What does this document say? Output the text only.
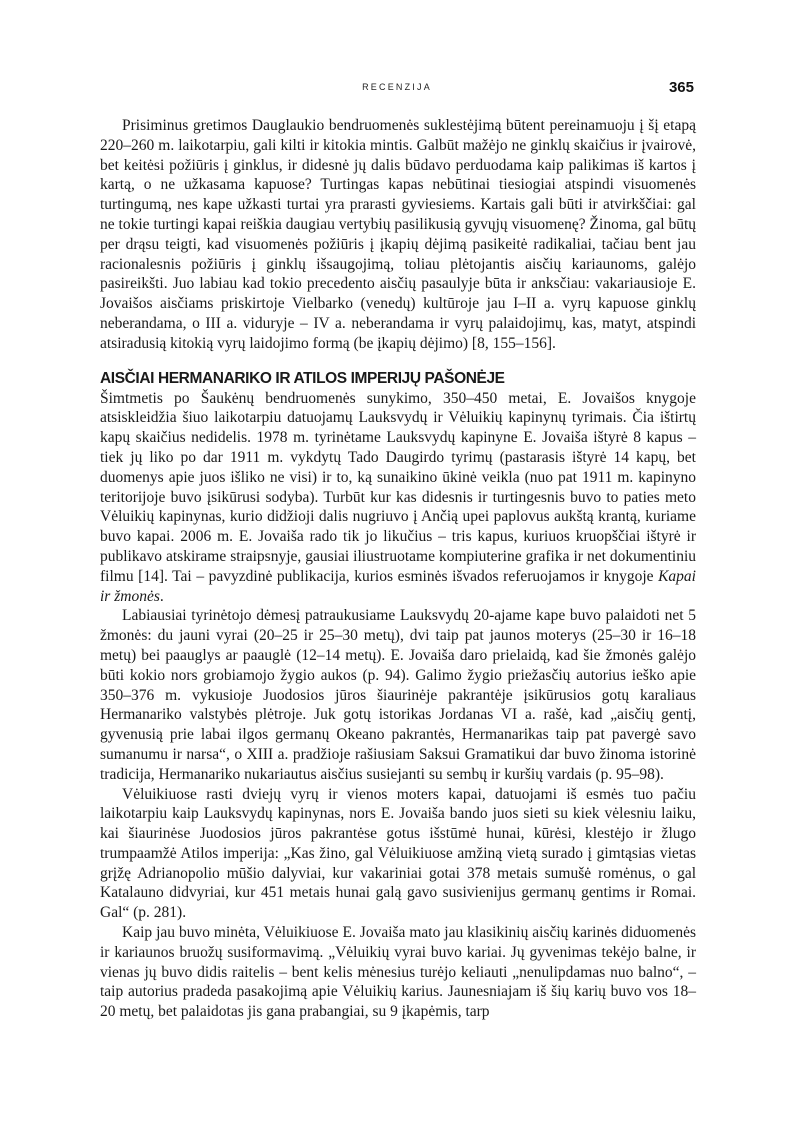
RECENZIJA	365

Prisiminus gretimos Dauglaukio bendruomenės suklestėjimą būtent pereinamuoju į šį etapą 220–260 m. laikotarpiu, gali kilti ir kitokia mintis. Galbūt mažėjo ne ginklų skaičius ir įvairovė, bet keitėsi požiūris į ginklus, ir didesnė jų dalis būdavo perduodama kaip palikimas iš kartos į kartą, o ne užkasama kapuose? Turtingas kapas nebūtinai tiesiogiai atspindi visuomenės turtingumą, nes kape užkasti turtai yra prarasti gyviesiems. Kartais gali būti ir atvirkščiai: gal ne tokie turtingi kapai reiškia daugiau vertybių pasilikusią gyvųjų visuomenę? Žinoma, gal būtų per drąsu teigti, kad visuomenės požiūris į įkapių dėjimą pasikeitė radikaliai, tačiau bent jau racionalesnis požiūris į ginklų išsaugojimą, toliau plėtojantis aisčių kariaunoms, galėjo pasireikšti. Juo labiau kad tokio precedento aisčių pasaulyje būta ir anksčiau: vakariausioje E. Jovaišos aisčiams priskirtoje Vielbarko (venedų) kultūroje jau I–II a. vyrų kapuose ginklų neberandama, o III a. viduryje – IV a. neberandama ir vyrų palaidojimų, kas, matyt, atspindi atsiradusią kitokią vyrų laidojimo formą (be įkapių dėjimo) [8, 155–156].

AISČIAI HERMANARIKO IR ATILOS IMPERIJŲ PAŠONĖJE

Šimtmetis po Šaukėnų bendruomenės sunykimo, 350–450 metai, E. Jovaišos knygoje atsiskleidžia šiuo laikotarpiu datuojamų Lauksvydų ir Vėluikių kapinynų tyrimais. Čia ištirtų kapų skaičius nedidelis. 1978 m. tyrinėtame Lauksvydų kapinyne E. Jovaiša ištyrė 8 kapus – tiek jų liko po dar 1911 m. vykdytų Tado Daugirdo tyrimų (pastarasis ištyrė 14 kapų, bet duomenys apie juos išliko ne visi) ir to, ką sunaikino ūkinė veikla (nuo pat 1911 m. kapinyno teritorijoje buvo įsikūrusi sodyba). Turbūt kur kas didesnis ir turtingesnis buvo to paties meto Vėluikių kapinynas, kurio didžioji dalis nugriuvo į Ančią upei paplovus aukštą krantą, kuriame buvo kapai. 2006 m. E. Jovaiša rado tik jo likučius – tris kapus, kuriuos kruopščiai ištyrė ir publikavo atskirame straipsnyje, gausiai iliustruotame kompiuterine grafika ir net dokumentiniu filmu [14]. Tai – pavyzdinė publikacija, kurios esminės išvados referuojamos ir knygoje Kapai ir žmonės.

Labiausiai tyrinėtojo dėmesį patraukusiame Lauksvydų 20-ajame kape buvo palaidoti net 5 žmonės: du jauni vyrai (20–25 ir 25–30 metų), dvi taip pat jaunos moterys (25–30 ir 16–18 metų) bei paauglys ar paauglė (12–14 metų). E. Jovaiša daro prielaidą, kad šie žmonės galėjo būti kokio nors grobiamojo žygio aukos (p. 94). Galimo žygio priežasčių autorius ieško apie 350–376 m. vykusioje Juodosios jūros šiaurinėje pakrantėje įsikūrusios gotų karaliaus Hermanariko valstybės plėtroje. Juk gotų istorikas Jordanas VI a. rašė, kad „aisčių gentį, gyvenusią prie labai ilgos germanų Okeano pakrantės, Hermanarikas taip pat pavergė savo sumanumu ir narsa“, o XIII a. pradžioje rašiusiam Saksui Gramatikui dar buvo žinoma istorinė tradicija, Hermanariko nukariautus aisčius susiejanti su sembų ir kuršių vardais (p. 95–98).

Vėluikiuose rasti dviejų vyrų ir vienos moters kapai, datuojami iš esmės tuo pačiu laikotarpiu kaip Lauksvydų kapinynas, nors E. Jovaiša bando juos sieti su kiek vėlesniu laiku, kai šiaurinėse Juodosios jūros pakrantėse gotus išstūmė hunai, kūrėsi, klestėjo ir žlugo trumpaamžė Atilos imperija: „Kas žino, gal Vėluikiuose amžiną vietą surado į gimtąsias vietas grįžę Adrianopolio mūšio dalyviai, kur vakariniai gotai 378 metais sumušė romėnus, o gal Katalauno didvyriai, kur 451 metais hunai galą gavo susivienijus germanų gentims ir Romai. Gal“ (p. 281).

Kaip jau buvo minėta, Vėluikiuose E. Jovaiša mato jau klasikinių aisčių karinės diduomenės ir kariaunos bruožų susiformavimą. „Vėluikių vyrai buvo kariai. Jų gyvenimas tekėjo balne, ir vienas jų buvo didis raitelis – bent kelis mėnesius turėjo keliauti „nenulipdamas nuo balno“, – taip autorius pradeda pasakojimą apie Vėluikių karius. Jaunesniajam iš šių karių buvo vos 18–20 metų, bet palaidotas jis gana prabangiai, su 9 įkapėmis, tarp
